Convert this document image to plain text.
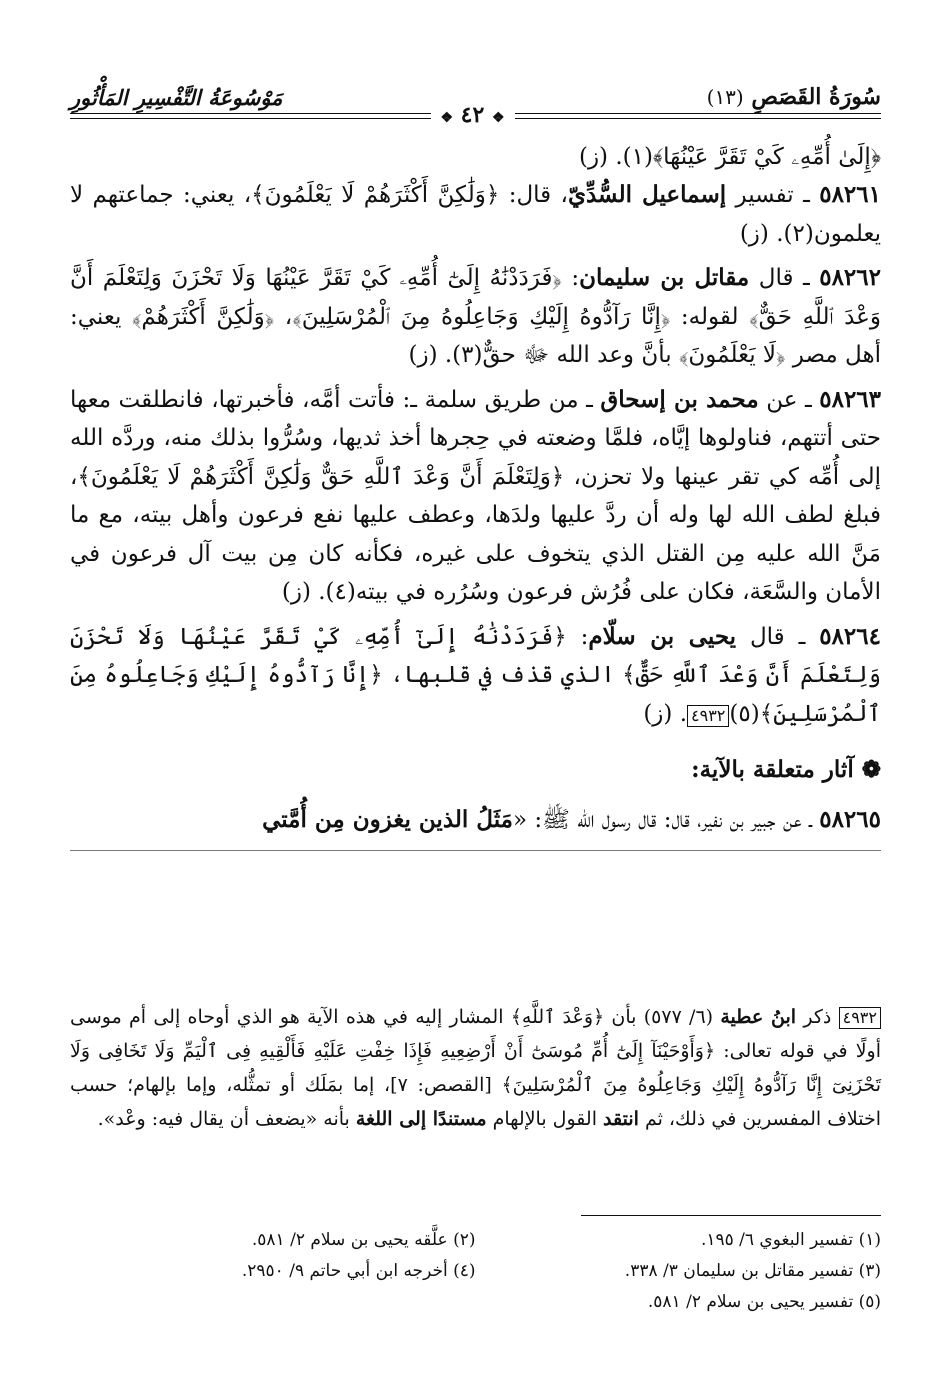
سُورَةُ القَصَصِ (١٣)
مَوْسُوعَةُ التَّفْسِيرِ المَأْثُورِ
❖ ٤٢ ❖

﴿إِلَىٰ أُمِّهِۦ كَيْ تَقَرَّ عَيْنُهَا﴾(١). (ز)

٥٨٢٦١ ـ تفسير إسماعيل السُّدِّيّ، قال: ﴿وَلَٰكِنَّ أَكْثَرَهُمْ لَا يَعْلَمُونَ﴾، يعني: جماعتهم لا يعلمون(٢). (ز)

٥٨٢٦٢ ـ قال مقاتل بن سليمان: ﴿فَرَدَدْنَٰهُ إِلَىٰٓ أُمِّهِۦ كَيْ تَقَرَّ عَيْنُهَا وَلَا تَحْزَنَ وَلِتَعْلَمَ أَنَّ وَعْدَ ٱللَّهِ حَقٌّ﴾ لقوله: ﴿إِنَّا رَآدُّوهُ إِلَيْكِ وَجَاعِلُوهُ مِنَ ٱلْمُرْسَلِينَ﴾، ﴿وَلَٰكِنَّ أَكْثَرَهُمْ﴾ يعني: أهل مصر ﴿لَا يَعْلَمُونَ﴾ بأنَّ وعد الله ﷻ حقٌّ(٣). (ز)

٥٨٢٦٣ ـ عن محمد بن إسحاق ـ من طريق سلمة ـ: فأتت أمَّه، فأخبرتها، فانطلقت معها حتى أتتهم، فناولوها إيَّاه، فلمَّا وضعته في حِجرها أخذ ثديها، وسُرُّوا بذلك منه، وردَّه الله إلى أُمِّه كي تقر عينها ولا تحزن، ﴿وَلِتَعْلَمَ أَنَّ وَعْدَ ٱللَّهِ حَقٌّ وَلَٰكِنَّ أَكْثَرَهُمْ لَا يَعْلَمُونَ﴾، فبلغ لطف الله لها وله أن ردَّ عليها ولدَها، وعطف عليها نفع فرعون وأهل بيته، مع ما مَنَّ الله عليه مِن القتل الذي يتخوف على غيره، فكأنه كان مِن بيت آل فرعون في الأمان والسَّعَة، فكان على فُرُش فرعون وسُرُره في بيته(٤). (ز)

٥٨٢٦٤ ـ قال يحيى بن سلّام: ﴿فَرَدَدْنَٰهُ إِلَىٰٓ أُمِّهِۦ كَيْ تَقَرَّ عَيْنُهَا وَلَا تَحْزَنَ وَلِتَعْلَمَ أَنَّ وَعْدَ ٱللَّهِ حَقٌّ﴾ الذي قذف في قلبها، ﴿إِنَّا رَآدُّوهُ إِلَيْكِ وَجَاعِلُوهُ مِنَ ٱلْمُرْسَلِينَ﴾(٥)٤٩٣٢. (ز)

❁ آثار متعلقة بالآية:

٥٨٢٦٥ ـ عن جبير بن نفير، قال: قال رسول الله ﷺ: «مَثَلُ الذين يغزون مِن أُمَّتي

٤٩٣٢ ذكر ابنُ عطية (٦/ ٥٧٧) بأن ﴿وَعْدَ ٱللَّهِ﴾ المشار إليه في هذه الآية هو الذي أوحاه إلى أم موسى أولًا في قوله تعالى: ﴿وَأَوْحَيْنَآ إِلَىٰٓ أُمِّ مُوسَىٰٓ أَنْ أَرْضِعِيهِ فَإِذَا خِفْتِ عَلَيْهِ فَأَلْقِيهِ فِى ٱلْيَمِّ وَلَا تَخَافِى وَلَا تَحْزَنِىٓ إِنَّا رَآدُّوهُ إِلَيْكِ وَجَاعِلُوهُ مِنَ ٱلْمُرْسَلِينَ﴾ [القصص: ٧]، إما بمَلَك أو تمثُّله، وإما بإلهام؛ حسب اختلاف المفسرين في ذلك، ثم انتقد القول بالإلهام مستندًا إلى اللغة بأنه «يضعف أن يقال فيه: وعْد».
(١) تفسير البغوي ٦/ ١٩٥.
(٢) علَّقه يحيى بن سلام ٢/ ٥٨١.
(٣) تفسير مقاتل بن سليمان ٣/ ٣٣٨.
(٤) أخرجه ابن أبي حاتم ٩/ ٢٩٥٠.
(٥) تفسير يحيى بن سلام ٢/ ٥٨١.
